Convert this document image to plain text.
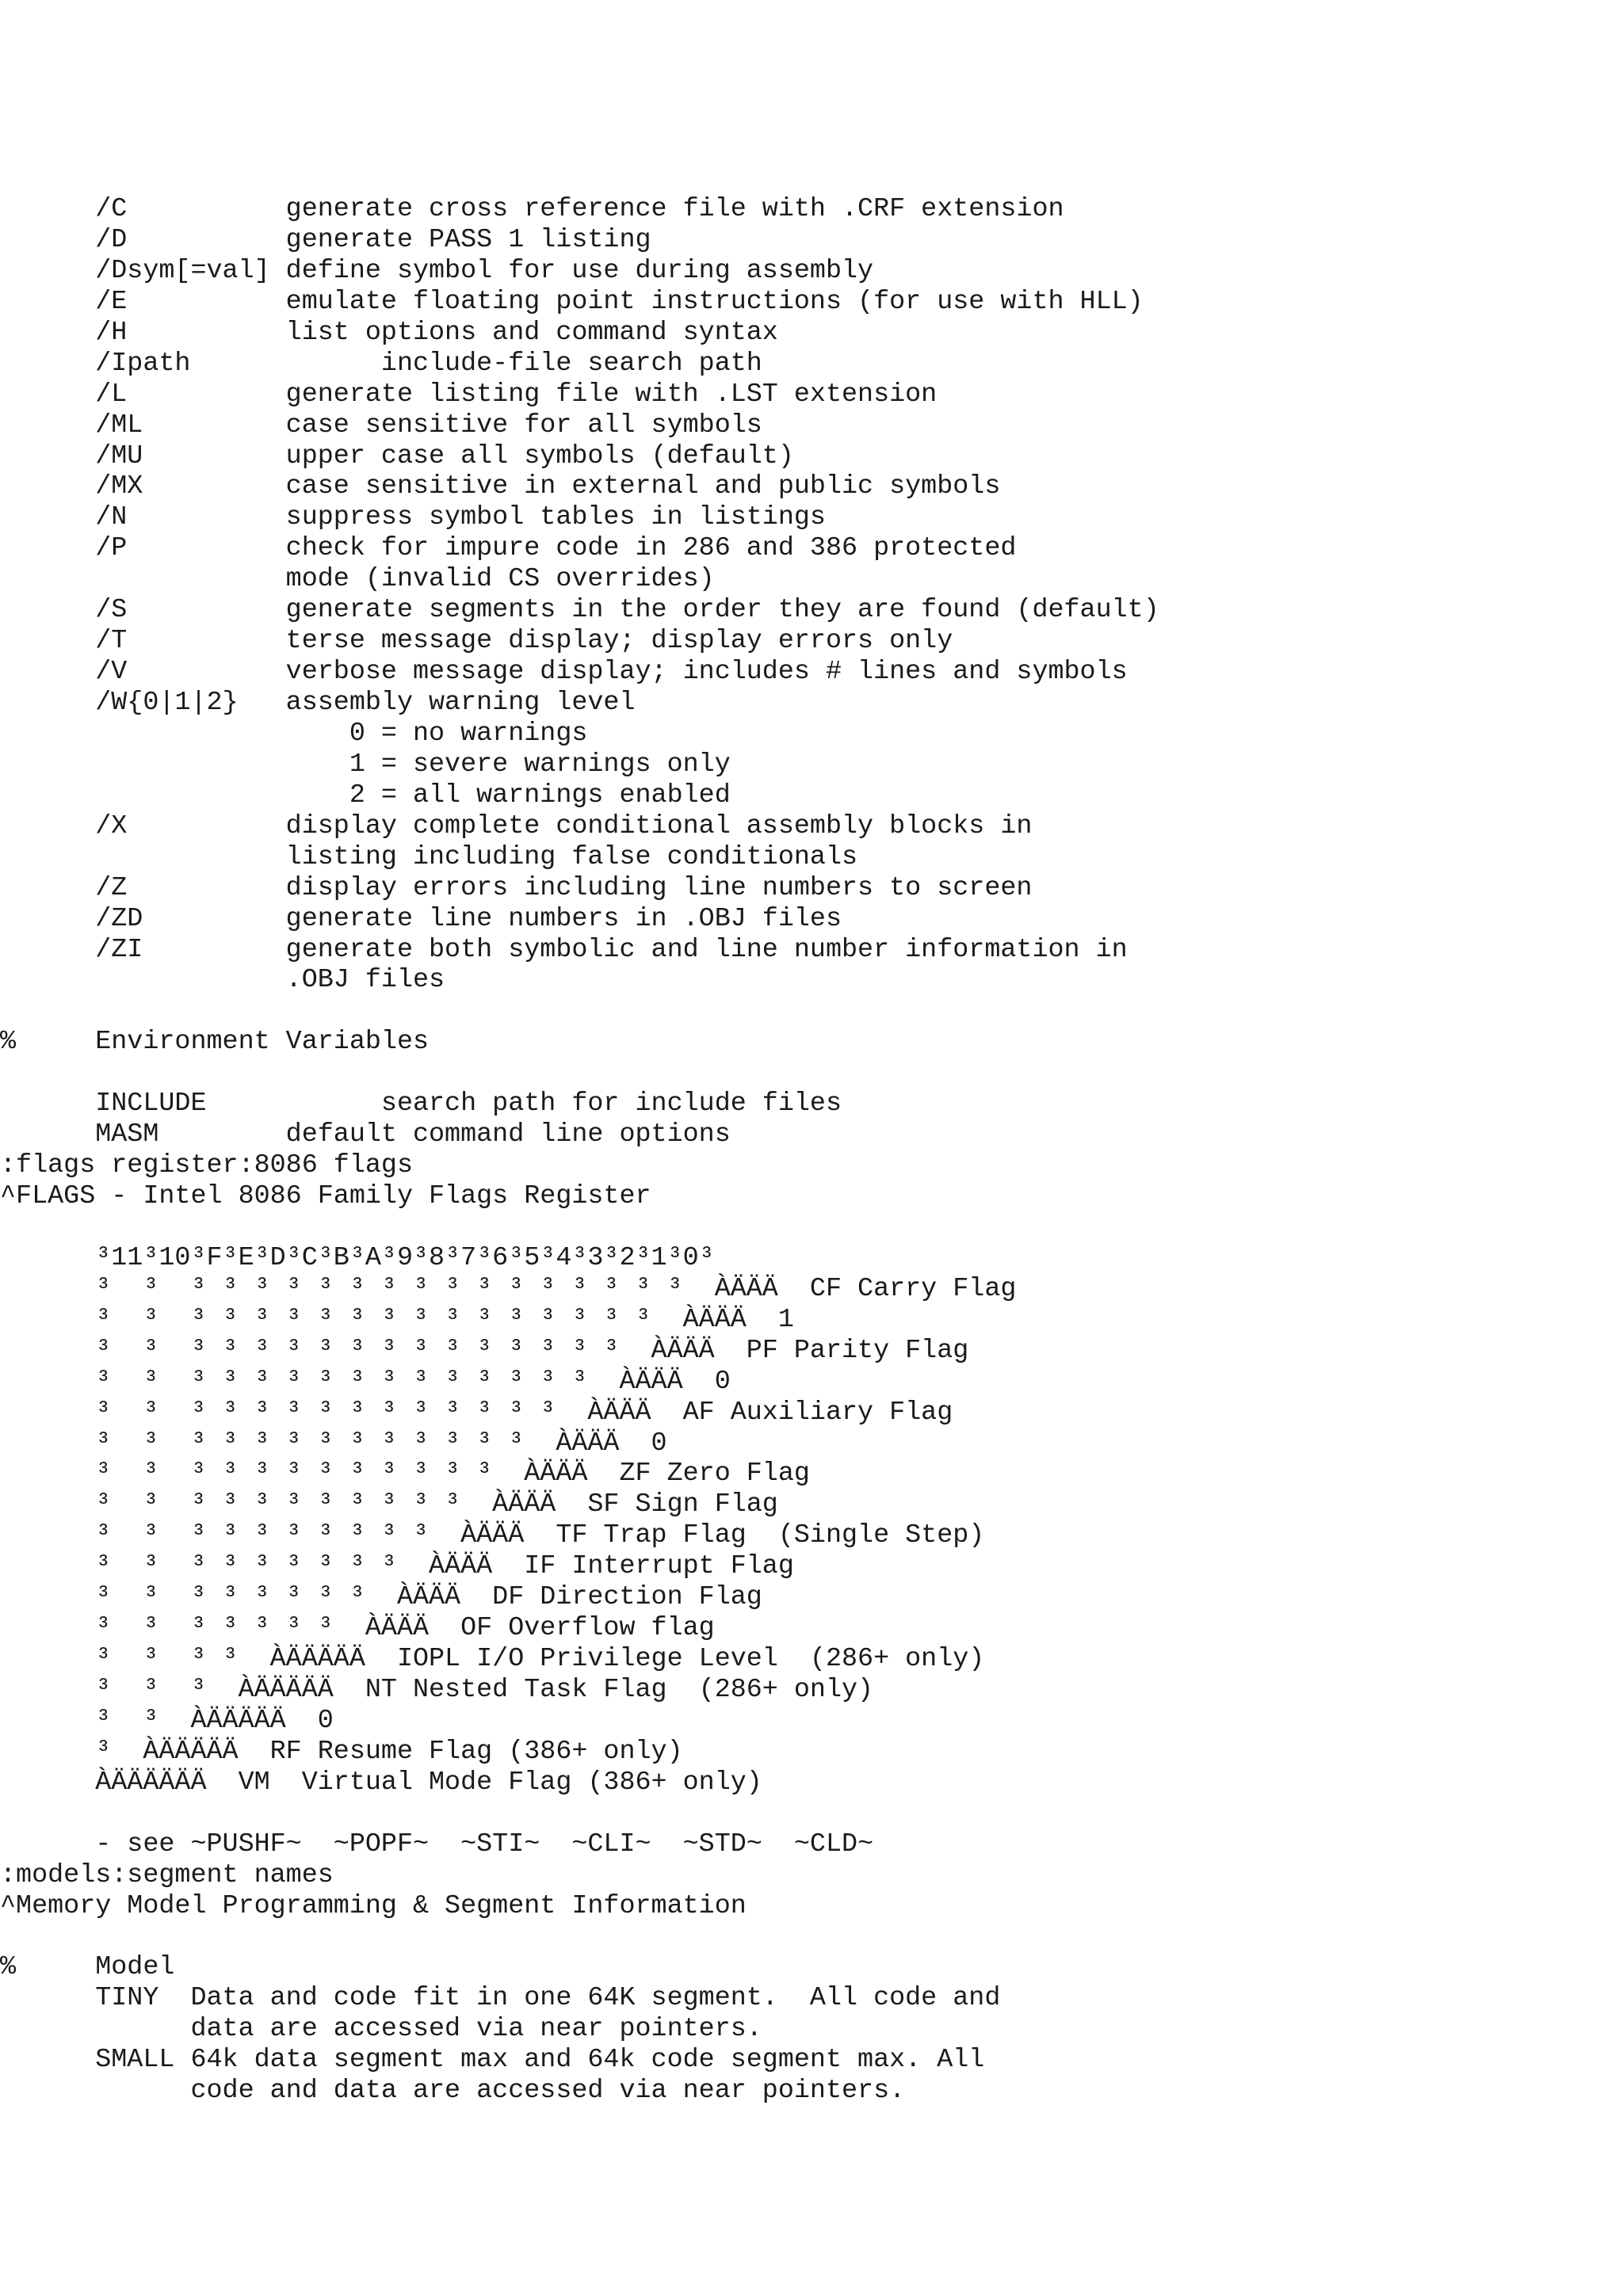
/C          generate cross reference file with .CRF extension
/D          generate PASS 1 listing
/Dsym[=val] define symbol for use during assembly
/E          emulate floating point instructions (for use with HLL)
/H          list options and command syntax
/Ipath            include-file search path
/L          generate listing file with .LST extension
/ML         case sensitive for all symbols
/MU         upper case all symbols (default)
/MX         case sensitive in external and public symbols
/N          suppress symbol tables in listings
/P          check for impure code in 286 and 386 protected
mode (invalid CS overrides)
/S          generate segments in the order they are found (default)
/T          terse message display; display errors only
/V          verbose message display; includes # lines and symbols
/W{0|1|2}   assembly warning level
0 = no warnings
1 = severe warnings only
2 = all warnings enabled
/X          display complete conditional assembly blocks in
listing including false conditionals
/Z          display errors including line numbers to screen
/ZD         generate line numbers in .OBJ files
/ZI         generate both symbolic and line number information in
.OBJ files
%     Environment Variables
INCLUDE           search path for include files
MASM        default command line options
:flags register:8086 flags
^FLAGS - Intel 8086 Family Flags Register
³11³10³F³E³D³C³B³A³9³8³7³6³5³4³3³2³1³0³
³  ³  ³ ³ ³ ³ ³ ³ ³ ³ ³ ³ ³ ³ ³ ³ ³ ³  ÀÄÄÄ  CF Carry Flag
³  ³  ³ ³ ³ ³ ³ ³ ³ ³ ³ ³ ³ ³ ³ ³ ³  ÀÄÄÄ  1
³  ³  ³ ³ ³ ³ ³ ³ ³ ³ ³ ³ ³ ³ ³ ³  ÀÄÄÄ  PF Parity Flag
³  ³  ³ ³ ³ ³ ³ ³ ³ ³ ³ ³ ³ ³ ³  ÀÄÄÄ  0
³  ³  ³ ³ ³ ³ ³ ³ ³ ³ ³ ³ ³ ³  ÀÄÄÄ  AF Auxiliary Flag
³  ³  ³ ³ ³ ³ ³ ³ ³ ³ ³ ³ ³  ÀÄÄÄ  0
³  ³  ³ ³ ³ ³ ³ ³ ³ ³ ³ ³  ÀÄÄÄ  ZF Zero Flag
³  ³  ³ ³ ³ ³ ³ ³ ³ ³ ³  ÀÄÄÄ  SF Sign Flag
³  ³  ³ ³ ³ ³ ³ ³ ³ ³  ÀÄÄÄ  TF Trap Flag  (Single Step)
³  ³  ³ ³ ³ ³ ³ ³ ³  ÀÄÄÄ  IF Interrupt Flag
³  ³  ³ ³ ³ ³ ³ ³  ÀÄÄÄ  DF Direction Flag
³  ³  ³ ³ ³ ³ ³  ÀÄÄÄ  OF Overflow flag
³  ³  ³ ³  ÀÄÄÄÄÄ  IOPL I/O Privilege Level  (286+ only)
³  ³  ³  ÀÄÄÄÄÄ  NT Nested Task Flag  (286+ only)
³  ³  ÀÄÄÄÄÄ  0
³  ÀÄÄÄÄÄ  RF Resume Flag (386+ only)
ÀÄÄÄÄÄÄ  VM  Virtual Mode Flag (386+ only)
- see ~PUSHF~  ~POPF~  ~STI~  ~CLI~  ~STD~  ~CLD~
:models:segment names
^Memory Model Programming & Segment Information
%     Model
TINY  Data and code fit in one 64K segment.  All code and
data are accessed via near pointers.
SMALL 64k data segment max and 64k code segment max. All
code and data are accessed via near pointers.
